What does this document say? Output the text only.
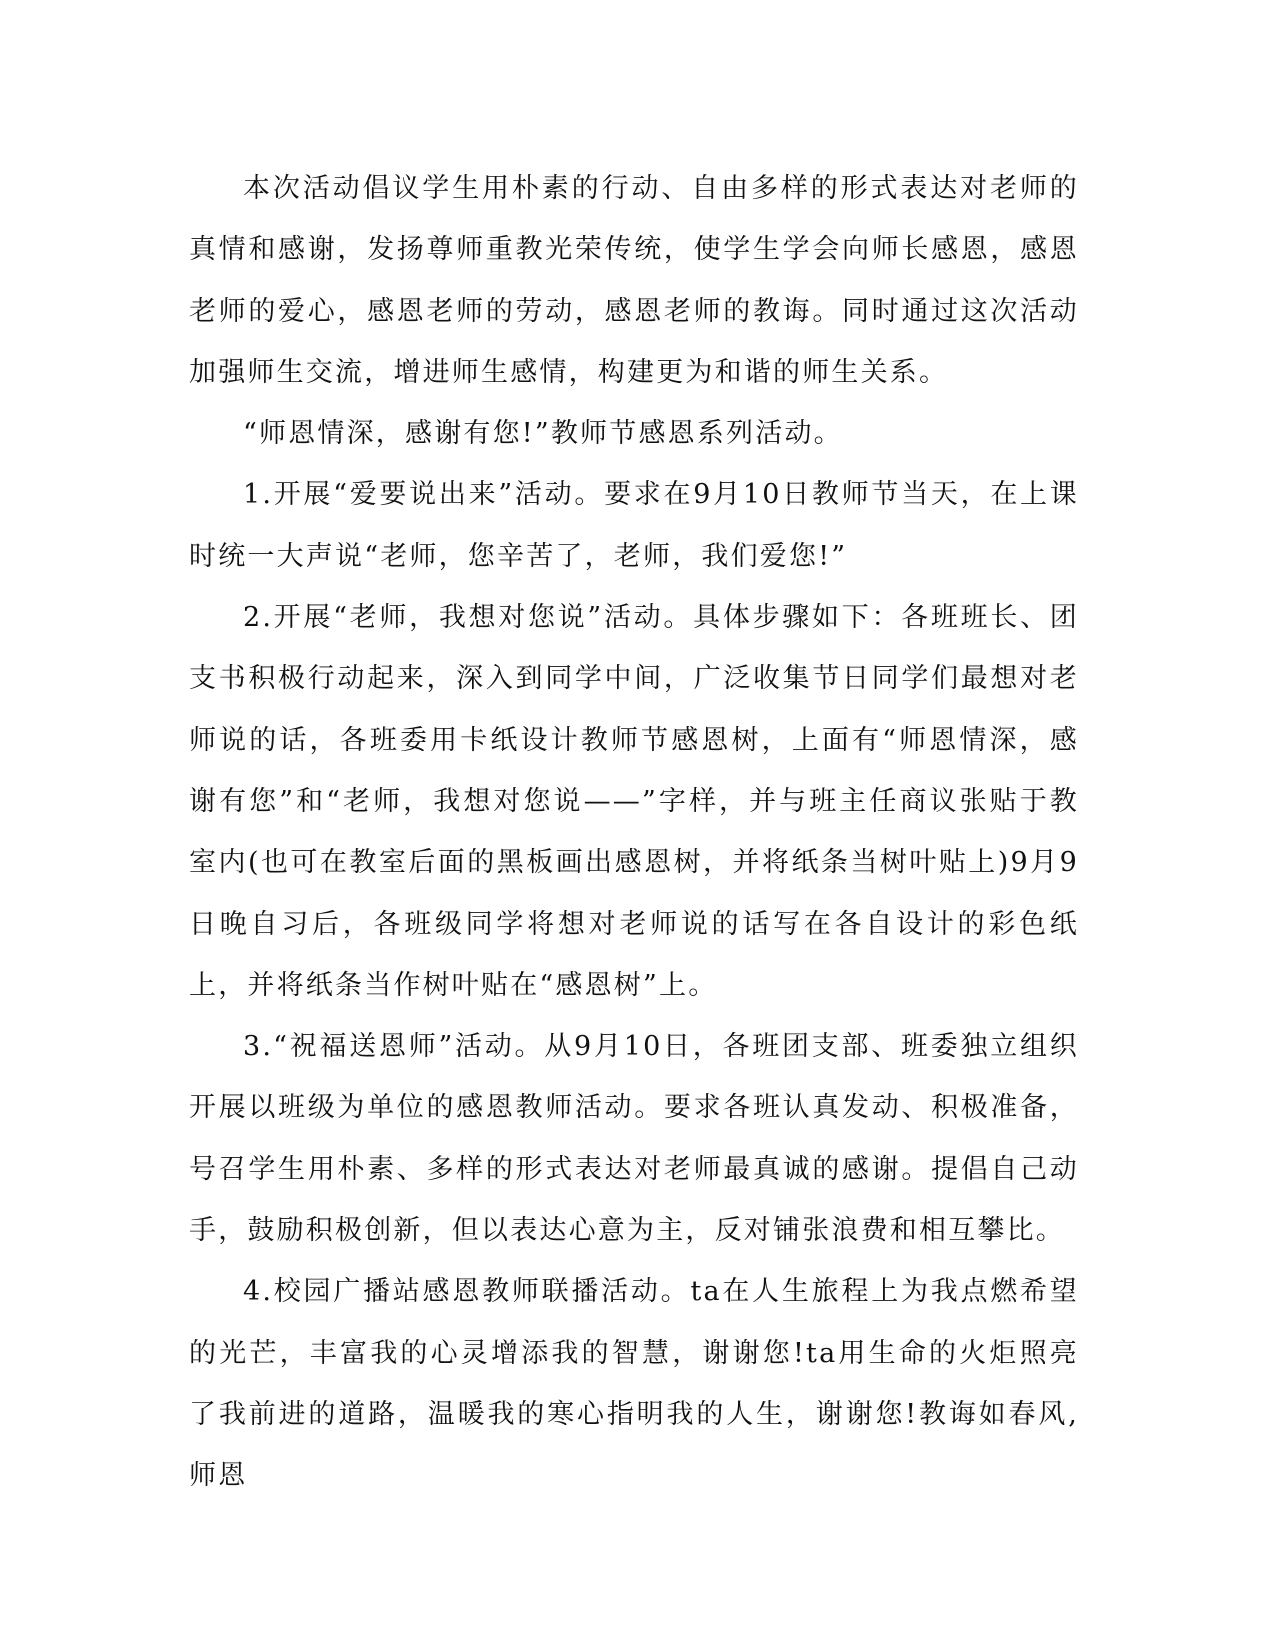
本次活动倡议学生用朴素的行动、自由多样的形式表达对老师的真情和感谢，发扬尊师重教光荣传统，使学生学会向师长感恩，感恩老师的爱心，感恩老师的劳动，感恩老师的教诲。同时通过这次活动加强师生交流，增进师生感情，构建更为和谐的师生关系。

“师恩情深，感谢有您!”教师节感恩系列活动。

1.开展“爱要说出来”活动。要求在9月10日教师节当天，在上课时统一大声说“老师，您辛苦了，老师，我们爱您!”

2.开展“老师，我想对您说”活动。具体步骤如下：各班班长、团支书积极行动起来，深入到同学中间，广泛收集节日同学们最想对老师说的话，各班委用卡纸设计教师节感恩树，上面有“师恩情深，感谢有您”和“老师，我想对您说——”字样，并与班主任商议张贴于教室内(也可在教室后面的黑板画出感恩树，并将纸条当树叶贴上)9月9日晚自习后，各班级同学将想对老师说的话写在各自设计的彩色纸上，并将纸条当作树叶贴在“感恩树”上。

3.“祝福送恩师”活动。从9月10日，各班团支部、班委独立组织开展以班级为单位的感恩教师活动。要求各班认真发动、积极准备，号召学生用朴素、多样的形式表达对老师最真诚的感谢。提倡自己动手，鼓励积极创新，但以表达心意为主，反对铺张浪费和相互攀比。

4.校园广播站感恩教师联播活动。ta在人生旅程上为我点燃希望的光芒，丰富我的心灵增添我的智慧，谢谢您!ta用生命的火炬照亮了我前进的道路，温暖我的寒心指明我的人生，谢谢您!教诲如春风,师恩
